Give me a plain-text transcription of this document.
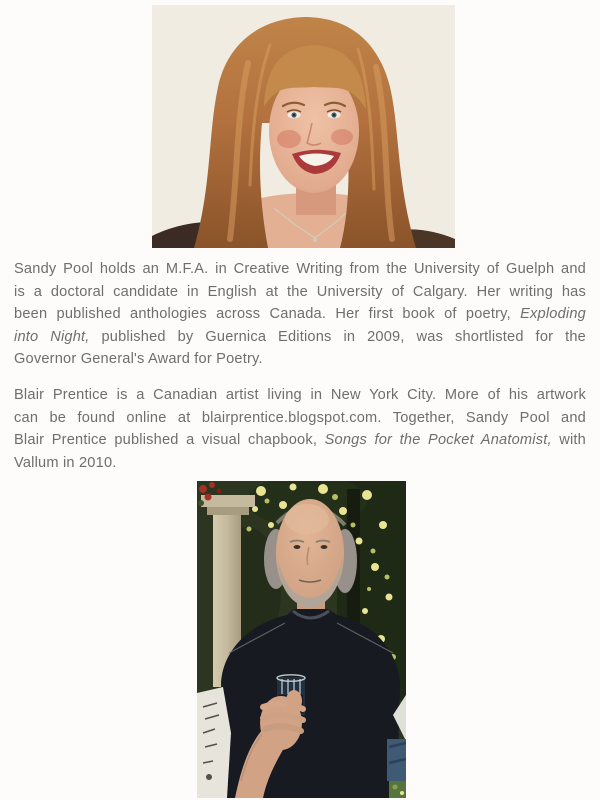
Sandy Pool holds an M.F.A. in Creative Writing from the University of Guelph and
is a doctoral candidate in English at the University of Calgary. Her writing has
been published anthologies across Canada. Her first book of poetry, Exploding
into Night, published by Guernica Editions in 2009, was shortlisted for the
Governor General's Award for Poetry.
Blair Prentice is a Canadian artist living in New York City. More of his artwork
can be found online at blairprentice.blogspot.com. Together, Sandy Pool and
Blair Prentice published a visual chapbook, Songs for the Pocket Anatomist, with
Vallum in 2010.
